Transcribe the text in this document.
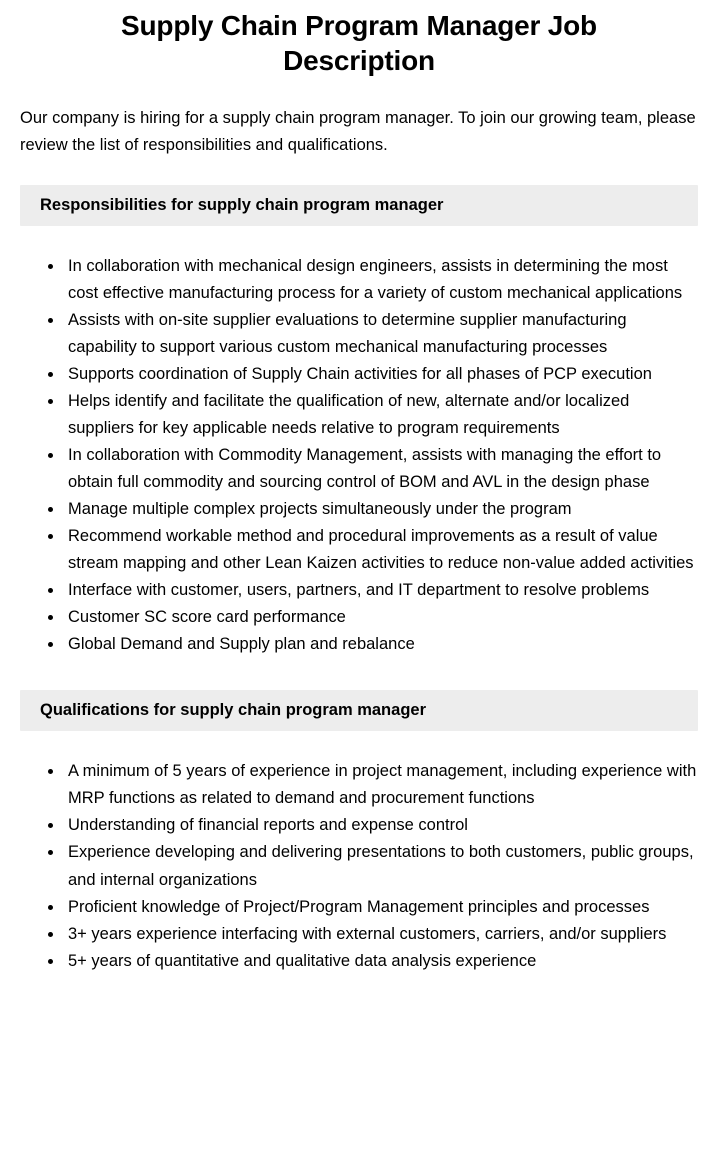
Supply Chain Program Manager Job Description

Our company is hiring for a supply chain program manager. To join our growing team, please review the list of responsibilities and qualifications.

Responsibilities for supply chain program manager
• In collaboration with mechanical design engineers, assists in determining the most cost effective manufacturing process for a variety of custom mechanical applications
• Assists with on-site supplier evaluations to determine supplier manufacturing capability to support various custom mechanical manufacturing processes
• Supports coordination of Supply Chain activities for all phases of PCP execution
• Helps identify and facilitate the qualification of new, alternate and/or localized suppliers for key applicable needs relative to program requirements
• In collaboration with Commodity Management, assists with managing the effort to obtain full commodity and sourcing control of BOM and AVL in the design phase
• Manage multiple complex projects simultaneously under the program
• Recommend workable method and procedural improvements as a result of value stream mapping and other Lean Kaizen activities to reduce non-value added activities
• Interface with customer, users, partners, and IT department to resolve problems
• Customer SC score card performance
• Global Demand and Supply plan and rebalance
Qualifications for supply chain program manager
• A minimum of 5 years of experience in project management, including experience with MRP functions as related to demand and procurement functions
• Understanding of financial reports and expense control
• Experience developing and delivering presentations to both customers, public groups, and internal organizations
• Proficient knowledge of Project/Program Management principles and processes
• 3+ years experience interfacing with external customers, carriers, and/or suppliers
• 5+ years of quantitative and qualitative data analysis experience
